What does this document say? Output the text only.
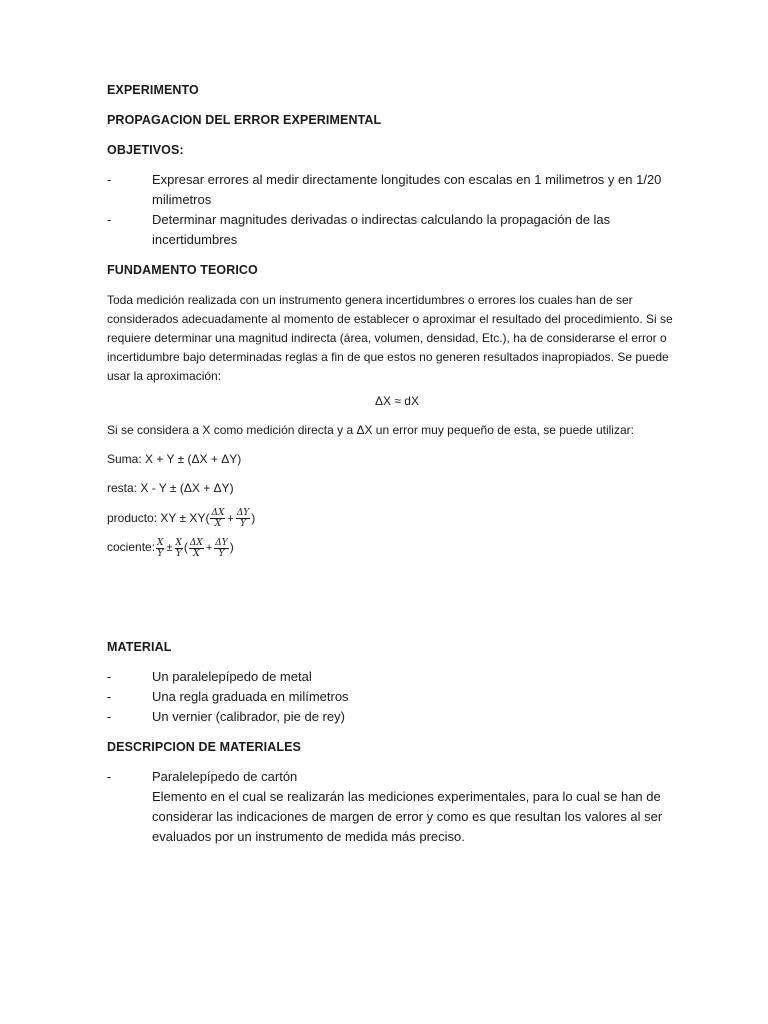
EXPERIMENTO
PROPAGACION DEL ERROR EXPERIMENTAL
OBJETIVOS:
-	Expresar errores al medir directamente longitudes con escalas en 1 milimetros y en 1/20 milimetros
-	Determinar magnitudes derivadas o indirectas calculando la propagación de las incertidumbres
FUNDAMENTO TEORICO
Toda medición realizada con un instrumento genera incertidumbres o errores los cuales han de ser considerados adecuadamente al momento de establecer o aproximar el resultado del procedimiento. Si se requiere determinar una magnitud indirecta (área, volumen, densidad, Etc.), ha de considerarse el error o incertidumbre bajo determinadas reglas a fin de que estos no generen resultados inapropiados. Se puede usar la aproximación:
ΔX ≈ dX
Si se considera a X como medición directa y a ΔX un error muy pequeño de esta, se puede utilizar:
Suma: X + Y ± (ΔX + ΔY)
resta: X - Y ± (ΔX + ΔY)
producto: XY ± $XY( \frac{\Delta X}{X} + \frac{\Delta Y}{Y}$ )
cociente: $\frac{X}{Y} \pm \frac{X}{Y}$ ( $\frac{\Delta X}{X} + \frac{\Delta Y}{Y}$ )
MATERIAL
-	Un paralelepípedo de metal
-	Una regla graduada en milímetros
-	Un vernier (calibrador, pie de rey)
DESCRIPCION DE MATERIALES
-	Paralelepípedo de cartón
Elemento en el cual se realizarán las mediciones experimentales, para lo cual se han de considerar las indicaciones de margen de error y como es que resultan los valores al ser evaluados por un instrumento de medida más preciso.
